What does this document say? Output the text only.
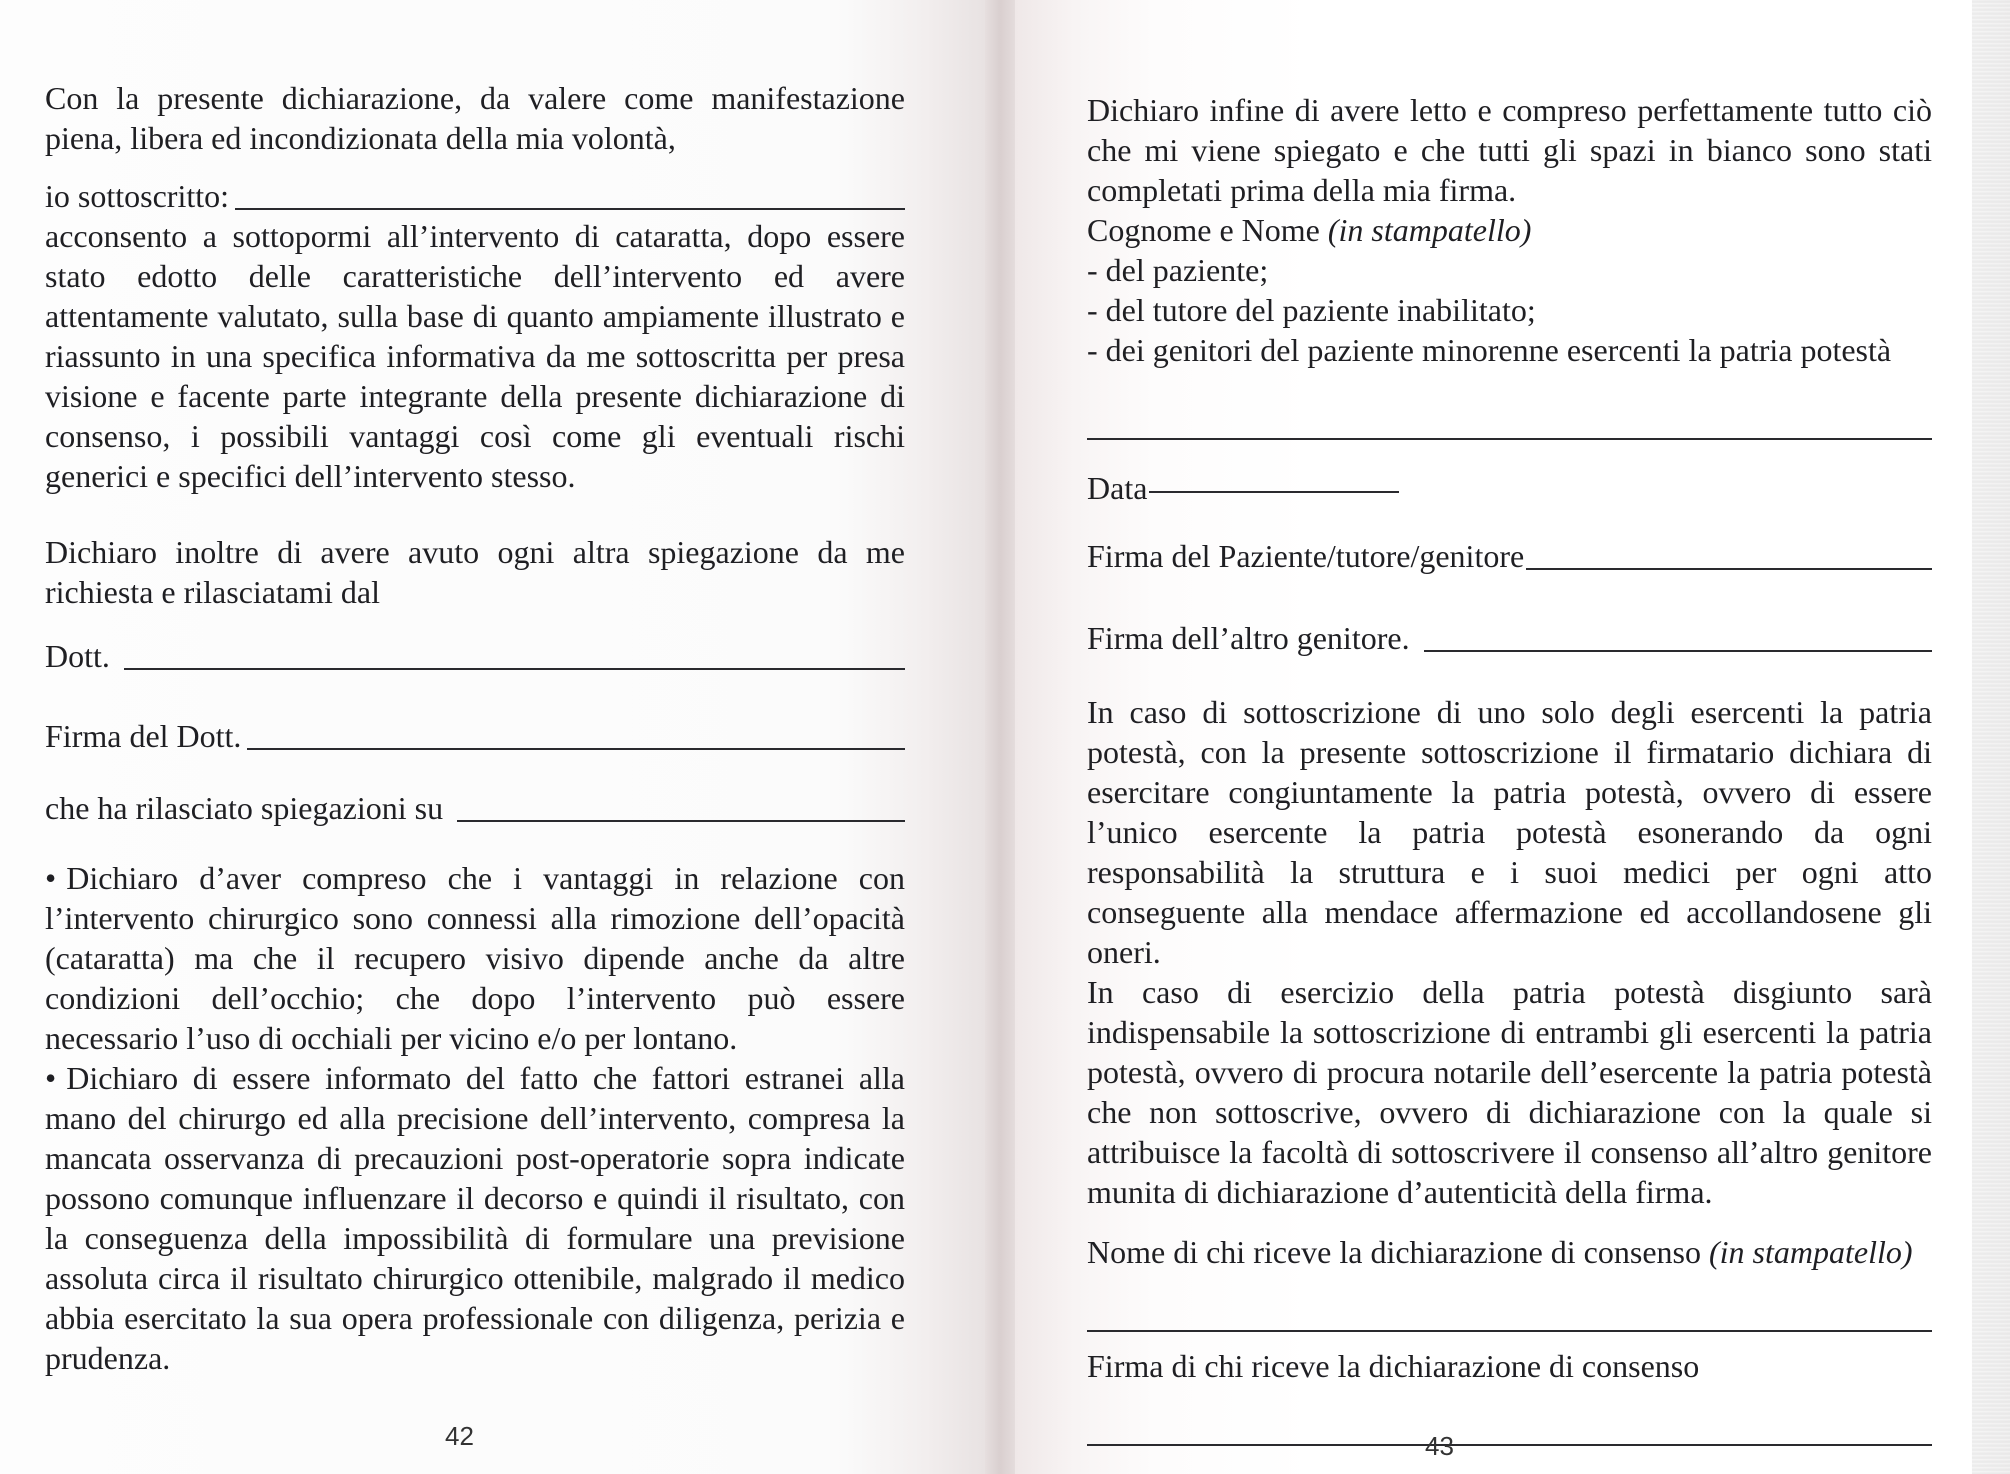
Con la presente dichiarazione, da valere come manifestazione piena, libera ed incondizionata della mia volontà,

io sottoscritto:

acconsento a sottopormi all’intervento di cataratta, dopo essere stato edotto delle caratteristiche dell’intervento ed avere attentamente valutato, sulla base di quanto ampiamente illustrato e riassunto in una specifica informativa da me sottoscritta per presa visione e facente parte integrante della presente dichiarazione di consenso, i possibili vantaggi così come gli eventuali rischi generici e specifici dell’intervento stesso.

Dichiaro inoltre di avere avuto ogni altra spiegazione da me richiesta e rilasciatami dal

Dott.
Firma del Dott.
che ha rilasciato spiegazioni su

• Dichiaro d’aver compreso che i vantaggi in relazione con l’intervento chirurgico sono connessi alla rimozione dell’opacità (cataratta) ma che il recupero visivo dipende anche da altre condizioni dell’occhio; che dopo l’intervento può essere necessario l’uso di occhiali per vicino e/o per lontano.

• Dichiaro di essere informato del fatto che fattori estranei alla mano del chirurgo ed alla precisione dell’intervento, compresa la mancata osservanza di precauzioni post-operatorie sopra indicate possono comunque influenzare il decorso e quindi il risultato, con la conseguenza della impossibilità di formulare una previsione assoluta circa il risultato chirurgico ottenibile, malgrado il medico abbia esercitato la sua opera professionale con diligenza, perizia e prudenza.

42

Dichiaro infine di avere letto e compreso perfettamente tutto ciò che mi viene spiegato e che tutti gli spazi in bianco sono stati completati prima della mia firma.

Cognome e Nome (in stampatello)
- del paziente;
- del tutore del paziente inabilitato;
- dei genitori del paziente minorenne esercenti la patria potestà
Data
Firma del Paziente/tutore/genitore
Firma dell’altro genitore.

In caso di sottoscrizione di uno solo degli esercenti la patria potestà, con la presente sottoscrizione il firmatario dichiara di esercitare congiuntamente la patria potestà, ovvero di essere l’unico esercente la patria potestà esonerando da ogni responsabilità la struttura e i suoi medici per ogni atto conseguente alla mendace affermazione ed accollandosene gli oneri.

In caso di esercizio della patria potestà disgiunto sarà indispensabile la sottoscrizione di entrambi gli esercenti la patria potestà, ovvero di procura notarile dell’esercente la patria potestà che non sottoscrive, ovvero di dichiarazione con la quale si attribuisce la facoltà di sottoscrivere il consenso all’altro genitore munita di dichiarazione d’autenticità della firma.

Nome di chi riceve la dichiarazione di consenso (in stampatello)

Firma di chi riceve la dichiarazione di consenso

43
